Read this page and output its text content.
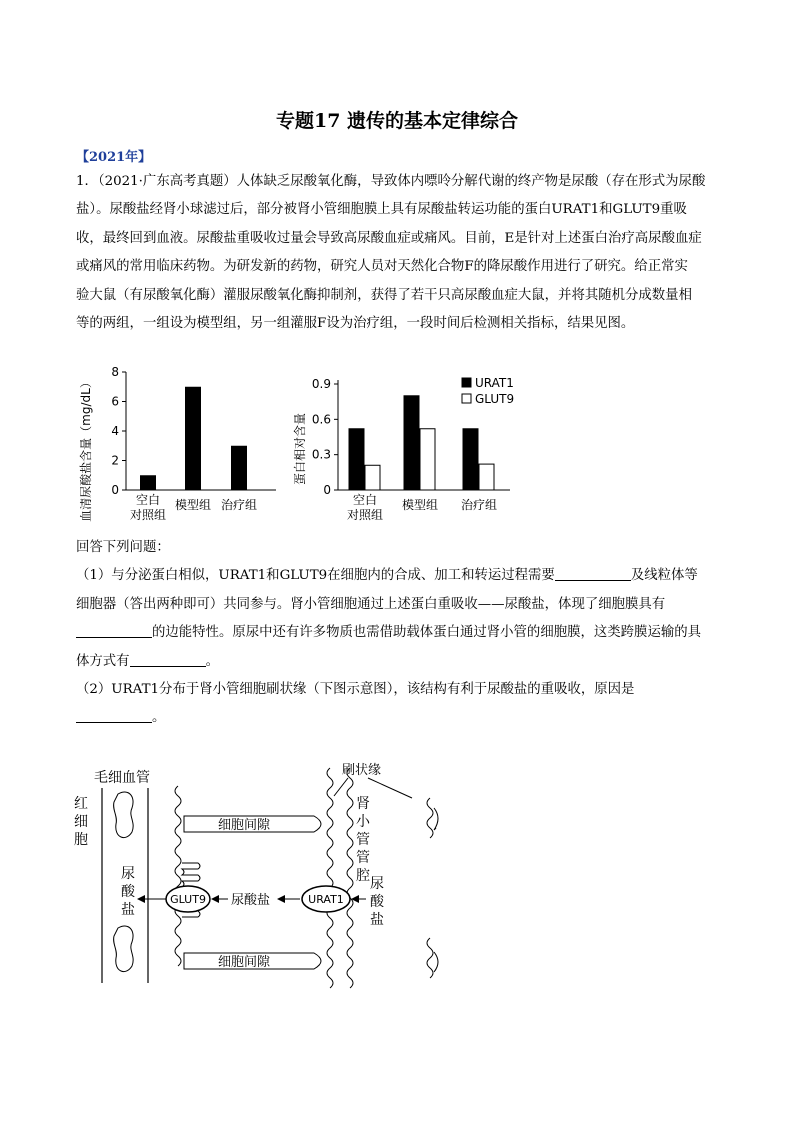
专题17 遗传的基本定律综合
【2021年】

1．（2021·广东高考真题）人体缺乏尿酸氧化酶，导致体内嘌呤分解代谢的终产物是尿酸（存在形式为尿酸
盐）。尿酸盐经肾小球滤过后，部分被肾小管细胞膜上具有尿酸盐转运功能的蛋白URAT1和GLUT9重吸
收，最终回到血液。尿酸盐重吸收过量会导致高尿酸血症或痛风。目前，E是针对上述蛋白治疗高尿酸血症
或痛风的常用临床药物。为研发新的药物，研究人员对天然化合物F的降尿酸作用进行了研究。给正常实
验大鼠（有尿酸氧化酶）灌服尿酸氧化酶抑制剂，获得了若干只高尿酸血症大鼠，并将其随机分成数量相
等的两组，一组设为模型组，另一组灌服F设为治疗组，一段时间后检测相关指标，结果见图。

血清尿酸盐含量（mg/dL） 0
2
4
6
8
空白
对照组
模型组 治疗组
蛋白相对含量
0
0.3
0.6
0.9	URAT1
GLUT9
空白
对照组
模型组 治疗组

回答下列问题：
（1）与分泌蛋白相似，URAT1和GLUT9在细胞内的合成、加工和转运过程需要	及线粒体等
细胞器（答出两种即可）共同参与。肾小管细胞通过上述蛋白重吸收——尿酸盐，体现了细胞膜具有
的边能特性。原尿中还有许多物质也需借助载体蛋白通过肾小管的细胞膜，这类跨膜运输的具
体方式有	。
（2）URAT1分布于肾小管细胞刷状缘（下图示意图），该结构有利于尿酸盐的重吸收，原因是
。

毛细血管
红细胞
尿酸盐
细胞间隙
细胞间隙
GLUT9	URAT1
尿酸盐
刷状缘
肾小管管腔 尿酸盐
